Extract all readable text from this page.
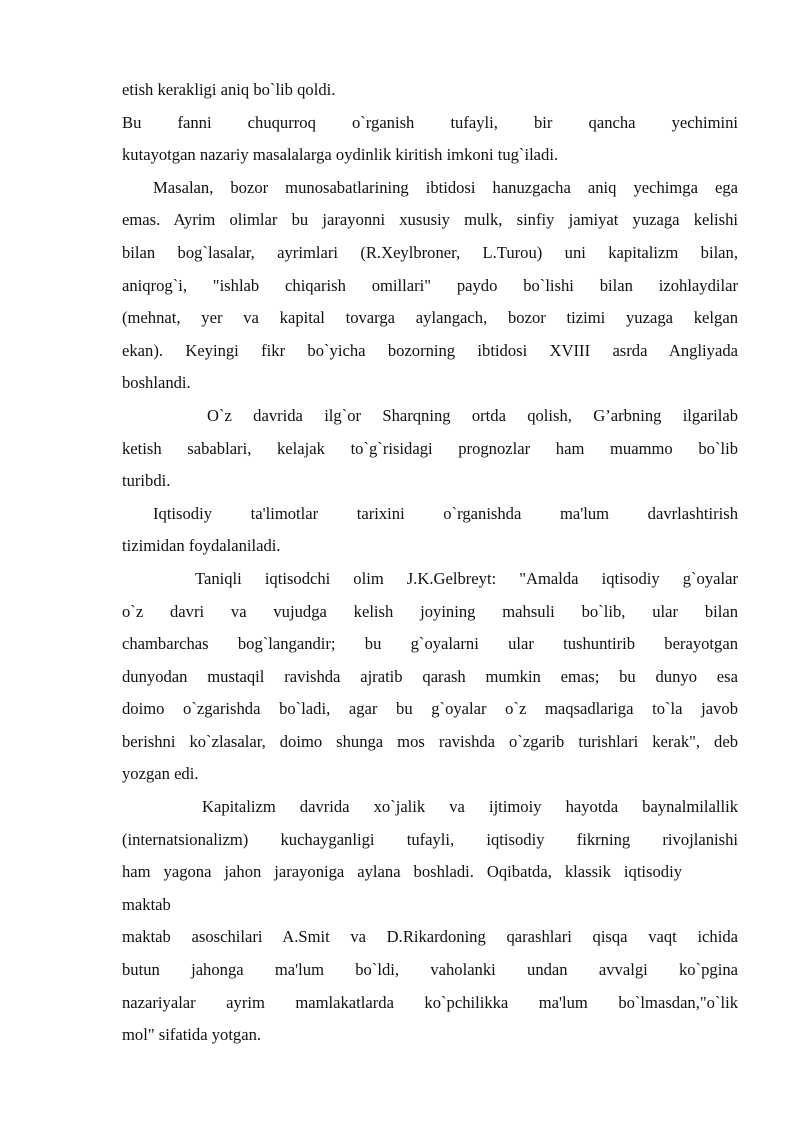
etish kerakligi aniq bo`lib qoldi.
Bu fanni chuqurroq o`rganish tufayli, bir qancha yechimini
kutayotgan nazariy masalalarga oydinlik kiritish imkoni tug`iladi.
Masalan, bozor munosabatlarining ibtidosi hanuzgacha aniq yechimga ega
emas. Ayrim olimlar bu jarayonni xususiy mulk, sinfiy jamiyat yuzaga kelishi
bilan bog`lasalar, ayrimlari (R.Xeylbroner, L.Turou) uni kapitalizm bilan,
aniqrog`i, "ishlab chiqarish omillari" paydo bo`lishi bilan izohlaydilar
(mehnat, yer va kapital tovarga aylangach, bozor tizimi yuzaga kelgan
ekan). Keyingi fikr bo`yicha bozorning ibtidosi XVIII asrda Angliyada
boshlandi.
O`z davrida ilg`or Sharqning ortda qolish, G’arbning ilgarilab
ketish sabablari, kelajak to`g`risidagi prognozlar ham muammo bo`lib
turibdi.
Iqtisodiy ta'limotlar tarixini o`rganishda ma'lum davrlashtirish
tizimidan foydalaniladi.
Taniqli iqtisodchi olim J.K.Gelbreyt: "Amalda iqtisodiy g`oyalar
o`z davri va vujudga kelish joyining mahsuli bo`lib, ular bilan
chambarchas bog`langandir; bu g`oyalarni ular tushuntirib berayotgan
dunyodan mustaqil ravishda ajratib qarash mumkin emas; bu dunyo esa
doimo o`zgarishda bo`ladi, agar bu g`oyalar o`z maqsadlariga to`la javob
berishni ko`zlasalar, doimo shunga mos ravishda o`zgarib turishlari kerak", deb
yozgan edi.
Kapitalizm davrida xo`jalik va ijtimoiy hayotda baynalmilallik
(internatsionalizm) kuchayganligi tufayli, iqtisodiy fikrning rivojlanishi
ham yagona jahon jarayoniga aylana boshladi. Oqibatda, klassik iqtisodiy
maktab
maktab asoschilari A.Smit va D.Rikardoning qarashlari qisqa vaqt ichida
butun jahonga ma'lum bo`ldi, vaholanki undan avvalgi ko`pgina
nazariyalar ayrim mamlakatlarda ko`pchilikka ma'lum bo`lmasdan,"o`lik
mol" sifatida yotgan.
